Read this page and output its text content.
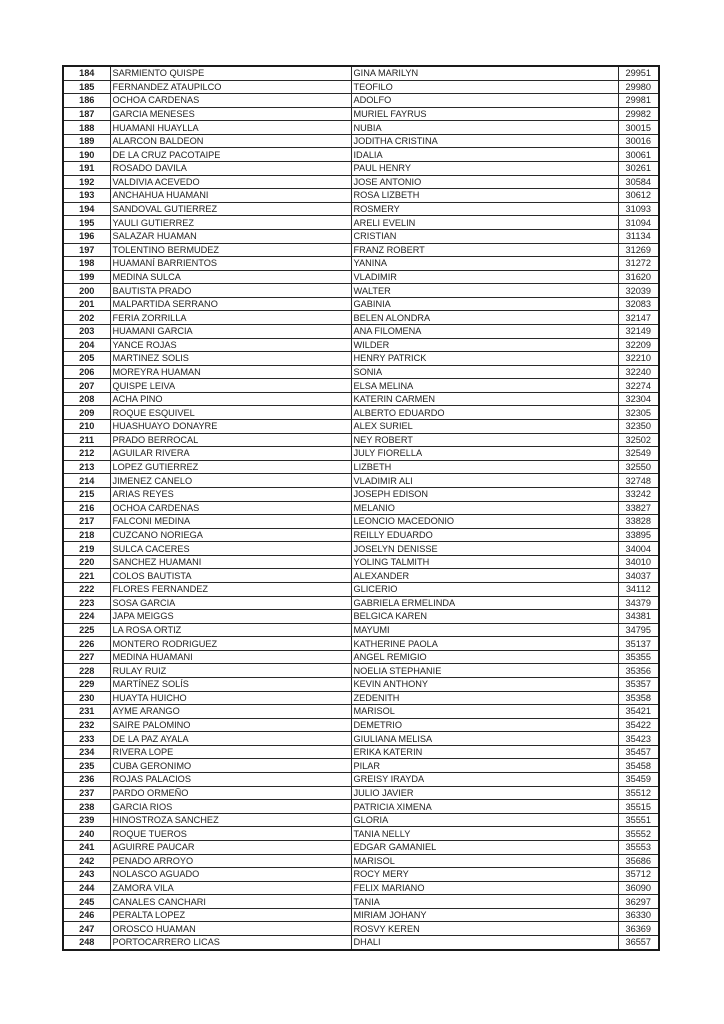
184	SARMIENTO QUISPE	GINA MARILYN	29951
185	FERNANDEZ ATAUPILCO	TEOFILO	29980
186	OCHOA CARDENAS	ADOLFO	29981
187	GARCIA MENESES	MURIEL FAYRUS	29982
188	HUAMANI HUAYLLA	NUBIA	30015
189	ALARCON BALDEON	JODITHA CRISTINA	30016
190	DE LA CRUZ PACOTAIPE	IDALIA	30061
191	ROSADO DAVILA	PAUL HENRY	30261
192	VALDIVIA ACEVEDO	JOSE ANTONIO	30584
193	ANCHAHUA HUAMANI	ROSA LIZBETH	30612
194	SANDOVAL GUTIERREZ	ROSMERY	31093
195	YAULI GUTIERREZ	ARELI EVELIN	31094
196	SALAZAR HUAMAN	CRISTIAN	31134
197	TOLENTINO BERMUDEZ	FRANZ ROBERT	31269
198	HUAMANÍ BARRIENTOS	YANINA	31272
199	MEDINA SULCA	VLADIMIR	31620
200	BAUTISTA PRADO	WALTER	32039
201	MALPARTIDA SERRANO	GABINIA	32083
202	FERIA ZORRILLA	BELEN ALONDRA	32147
203	HUAMANI GARCIA	ANA FILOMENA	32149
204	YANCE ROJAS	WILDER	32209
205	MARTINEZ SOLIS	HENRY PATRICK	32210
206	MOREYRA HUAMAN	SONIA	32240
207	QUISPE LEIVA	ELSA MELINA	32274
208	ACHA PINO	KATERIN CARMEN	32304
209	ROQUE ESQUIVEL	ALBERTO EDUARDO	32305
210	HUASHUAYO DONAYRE	ALEX SURIEL	32350
211	PRADO BERROCAL	NEY ROBERT	32502
212	AGUILAR RIVERA	JULY FIORELLA	32549
213	LOPEZ GUTIERREZ	LIZBETH	32550
214	JIMENEZ CANELO	VLADIMIR ALI	32748
215	ARIAS REYES	JOSEPH EDISON	33242
216	OCHOA CARDENAS	MELANIO	33827
217	FALCONI MEDINA	LEONCIO MACEDONIO	33828
218	CUZCANO NORIEGA	REILLY EDUARDO	33895
219	SULCA CACERES	JOSELYN DENISSE	34004
220	SANCHEZ HUAMANI	YOLING TALMITH	34010
221	COLOS BAUTISTA	ALEXANDER	34037
222	FLORES FERNANDEZ	GLICERIO	34112
223	SOSA GARCIA	GABRIELA ERMELINDA	34379
224	JAPA MEIGGS	BELGICA KAREN	34381
225	LA ROSA ORTIZ	MAYUMI	34795
226	MONTERO RODRIGUEZ	KATHERINE PAOLA	35137
227	MEDINA HUAMANI	ANGEL REMIGIO	35355
228	RULAY RUIZ	NOELIA STEPHANIE	35356
229	MARTÍNEZ SOLÍS	KEVIN ANTHONY	35357
230	HUAYTA HUICHO	ZEDENITH	35358
231	AYME ARANGO	MARISOL	35421
232	SAIRE PALOMINO	DEMETRIO	35422
233	DE LA PAZ AYALA	GIULIANA MELISA	35423
234	RIVERA LOPE	ERIKA KATERIN	35457
235	CUBA GERONIMO	PILAR	35458
236	ROJAS PALACIOS	GREISY IRAYDA	35459
237	PARDO ORMEÑO	JULIO JAVIER	35512
238	GARCIA RIOS	PATRICIA XIMENA	35515
239	HINOSTROZA SANCHEZ	GLORIA	35551
240	ROQUE TUEROS	TANIA NELLY	35552
241	AGUIRRE PAUCAR	EDGAR GAMANIEL	35553
242	PENADO ARROYO	MARISOL	35686
243	NOLASCO AGUADO	ROCY MERY	35712
244	ZAMORA VILA	FELIX MARIANO	36090
245	CANALES CANCHARI	TANIA	36297
246	PERALTA LOPEZ	MIRIAM JOHANY	36330
247	OROSCO HUAMAN	ROSVY KEREN	36369
248	PORTOCARRERO LICAS	DHALI	36557
